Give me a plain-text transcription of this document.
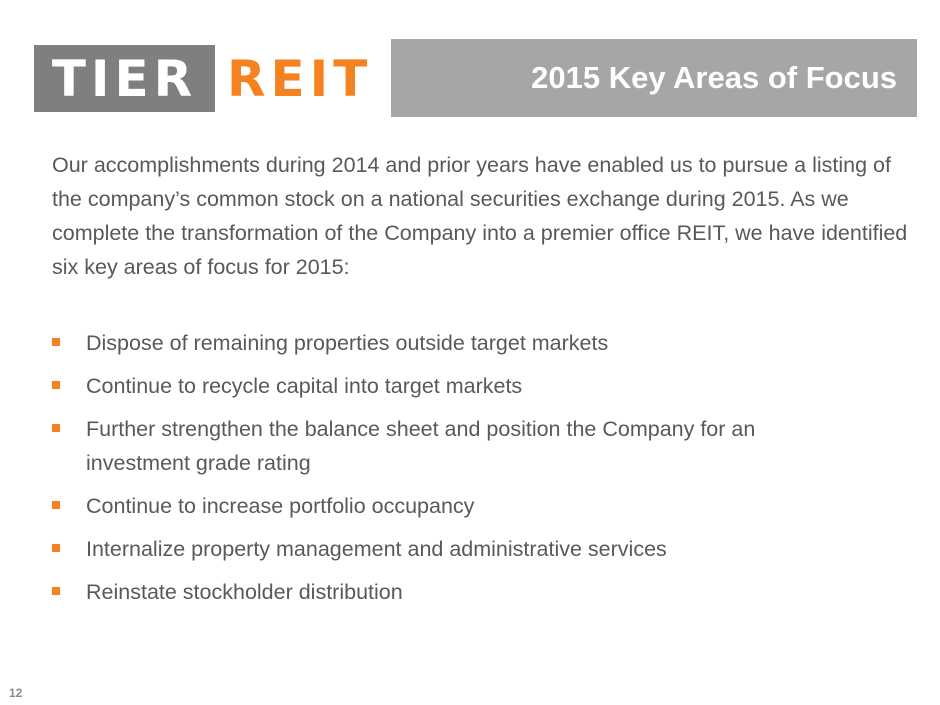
TIER REIT	2015 Key Areas of Focus

Our accomplishments during 2014 and prior years have enabled us to pursue a listing of the company’s common stock on a national securities exchange during 2015. As we complete the transformation of the Company into a premier office REIT, we have identified six key areas of focus for 2015:

Dispose of remaining properties outside target markets
Continue to recycle capital into target markets
Further strengthen the balance sheet and position the Company for an investment grade rating
Continue to increase portfolio occupancy
Internalize property management and administrative services
Reinstate stockholder distribution
12
